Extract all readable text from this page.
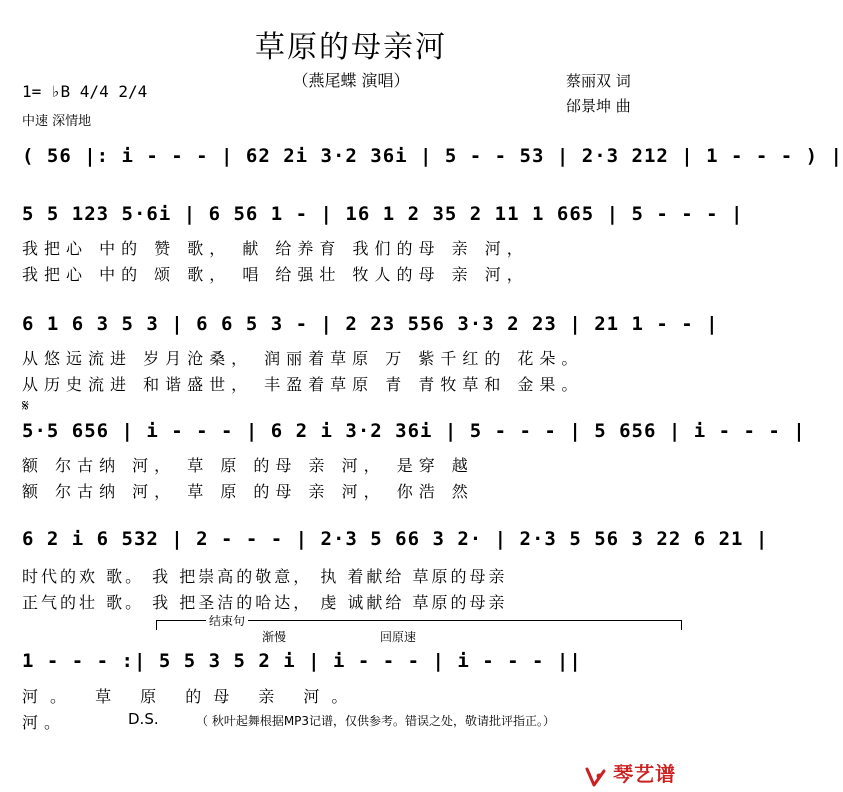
草原的母亲河
（燕尾蝶 演唱）	蔡丽双 词
邰景坤 曲
1= ♭B 4/4 2/4
中速 深情地
( 56 |: i - - - | 62 2i 3·2 36i | 5 - - 53 | 2·3 212 | 1 - - - ) |
5 5 123 5·6i | 6 56 1 - | 16 1 2 35 2 11 1 665 | 5 - - - |
我把心 中的 赞 歌， 献 给养育 我们的母 亲 河，
我把心 中的 颂 歌， 唱 给强壮 牧人的母 亲 河，
6 1 6 3 5 3 | 6 6 5 3 - | 2 23 556 3·3 2 23 | 21 1 - - |
从悠远流进 岁月沧桑， 润丽着草原 万 紫千红的 花朵。
从历史流进 和谐盛世， 丰盈着草原 青 青牧草和 金果。
𝄋
5·5 656 | i - - - | 6 2 i 3·2 36i | 5 - - - | 5 656 | i - - - |
额 尔古纳 河， 草 原 的母 亲 河， 是穿 越
额 尔古纳 河， 草 原 的母 亲 河， 你浩 然
6 2 i 6 532 | 2 - - - | 2·3 5 66 3 2· | 2·3 5 56 3 22 6 21 |
时代的欢 歌。 我 把崇高的敬意， 执 着献给 草原的母亲
正气的壮 歌。 我 把圣洁的哈达， 虔 诚献给 草原的母亲
结束句
渐慢	回原速
1 - - - :| 5 5 3 5 2 i | i - - - | i - - - ||
河。 草 原 的母 亲 河。
河。	D.S.	（ 秋叶起舞根据MP3记谱，仅供参考。错误之处，敬请批评指正。）
琴艺谱
